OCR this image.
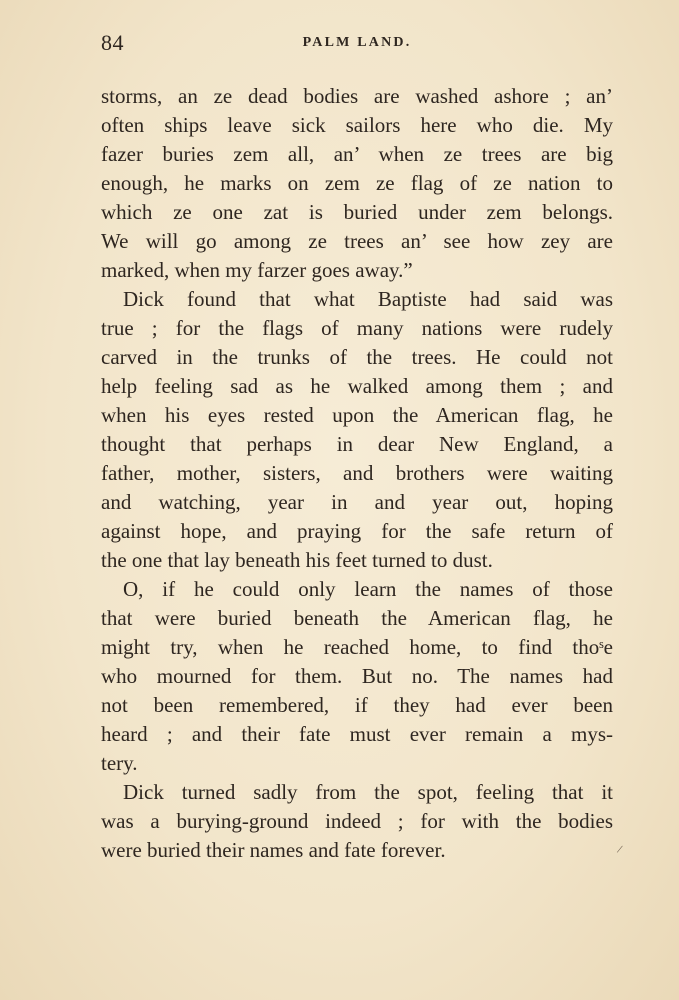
84	PALM LAND.
storms, an ze dead bodies are washed ashore ; an’
often ships leave sick sailors here who die. My
fazer buries zem all, an’ when ze trees are big
enough, he marks on zem ze flag of ze nation to
which ze one zat is buried under zem belongs.
We will go among ze trees an’ see how zey are
marked, when my farzer goes away.”
Dick found that what Baptiste had said was
true ; for the flags of many nations were rudely
carved in the trunks of the trees. He could not
help feeling sad as he walked among them ; and
when his eyes rested upon the American flag, he
thought that perhaps in dear New England, a
father, mother, sisters, and brothers were waiting
and watching, year in and year out, hoping
against hope, and praying for the safe return of
the one that lay beneath his feet turned to dust.
O, if he could only learn the names of those
that were buried beneath the American flag, he
might try, when he reached home, to find thoˢe
who mourned for them. But no. The names had
not been remembered, if they had ever been
heard ; and their fate must ever remain a mys-
tery.
Dick turned sadly from the spot, feeling that it
was a burying-ground indeed ; for with the bodies
were buried their names and fate forever.	/
